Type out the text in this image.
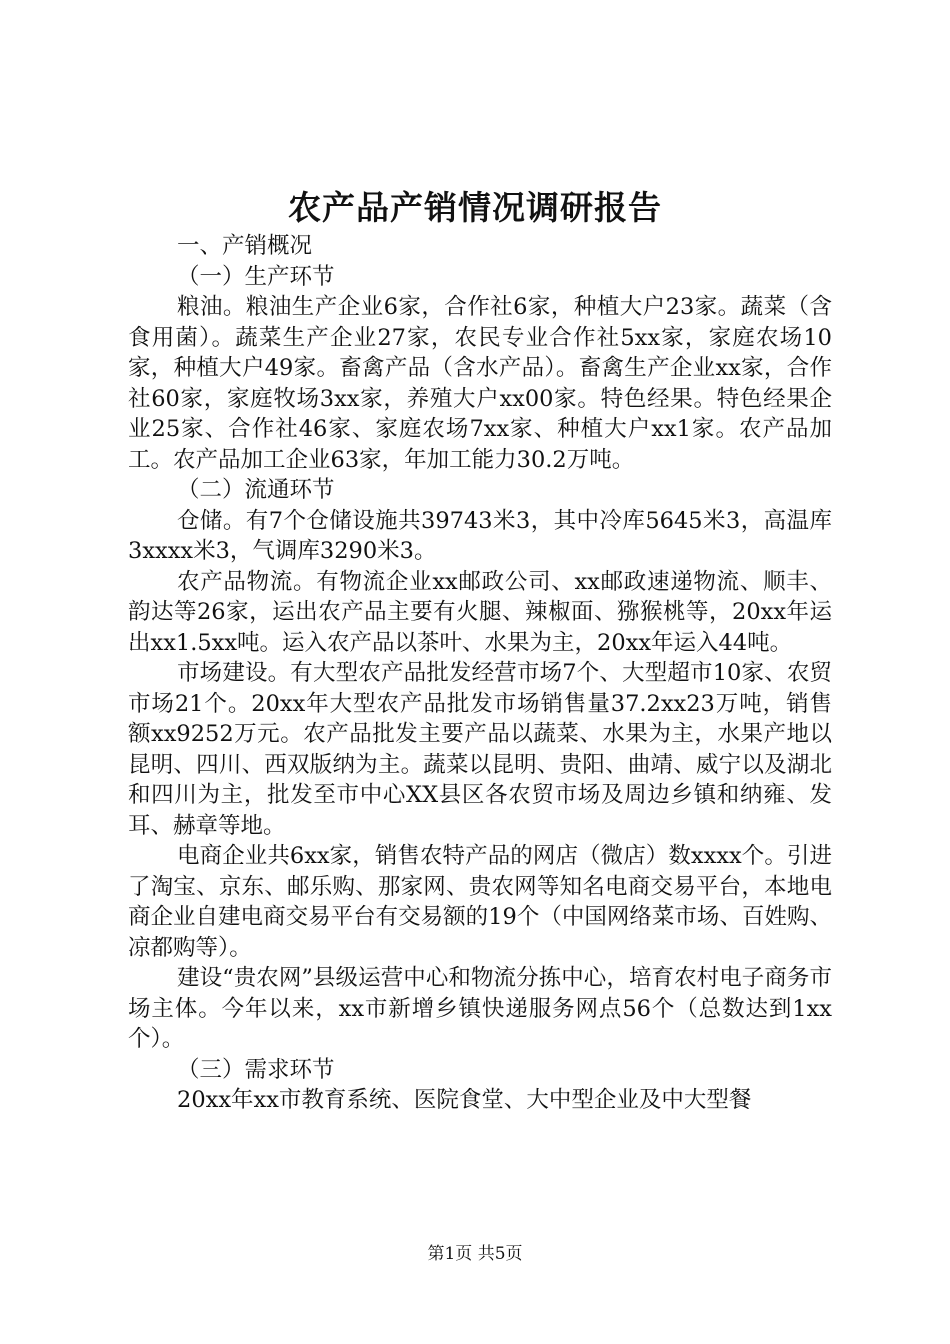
农产品产销情况调研报告

一、产销概况

（一）生产环节

粮油。粮油生产企业6家，合作社6家，种植大户23家。蔬菜（含食用菌）。蔬菜生产企业27家，农民专业合作社5xx家，家庭农场10家，种植大户49家。畜禽产品（含水产品）。畜禽生产企业xx家，合作社60家，家庭牧场3xx家，养殖大户xx00家。特色经果。特色经果企业25家、合作社46家、家庭农场7xx家、种植大户xx1家。农产品加工。农产品加工企业63家，年加工能力30.2万吨。

（二）流通环节

仓储。有7个仓储设施共39743米3，其中冷库5645米3，高温库3xxxx米3，气调库3290米3。

农产品物流。有物流企业xx邮政公司、xx邮政速递物流、顺丰、韵达等26家，运出农产品主要有火腿、辣椒面、猕猴桃等，20xx年运出xx1.5xx吨。运入农产品以茶叶、水果为主，20xx年运入44吨。

市场建设。有大型农产品批发经营市场7个、大型超市10家、农贸市场21个。20xx年大型农产品批发市场销售量37.2xx23万吨，销售额xx9252万元。农产品批发主要产品以蔬菜、水果为主，水果产地以昆明、四川、西双版纳为主。蔬菜以昆明、贵阳、曲靖、威宁以及湖北和四川为主，批发至市中心XX县区各农贸市场及周边乡镇和纳雍、发耳、赫章等地。

电商企业共6xx家，销售农特产品的网店（微店）数xxxx个。引进了淘宝、京东、邮乐购、那家网、贵农网等知名电商交易平台，本地电商企业自建电商交易平台有交易额的19个（中国网络菜市场、百姓购、凉都购等）。

建设“贵农网”县级运营中心和物流分拣中心，培育农村电子商务市场主体。今年以来，xx市新增乡镇快递服务网点56个（总数达到1xx个）。

（三）需求环节

20xx年xx市教育系统、医院食堂、大中型企业及中大型餐

第1页 共5页
